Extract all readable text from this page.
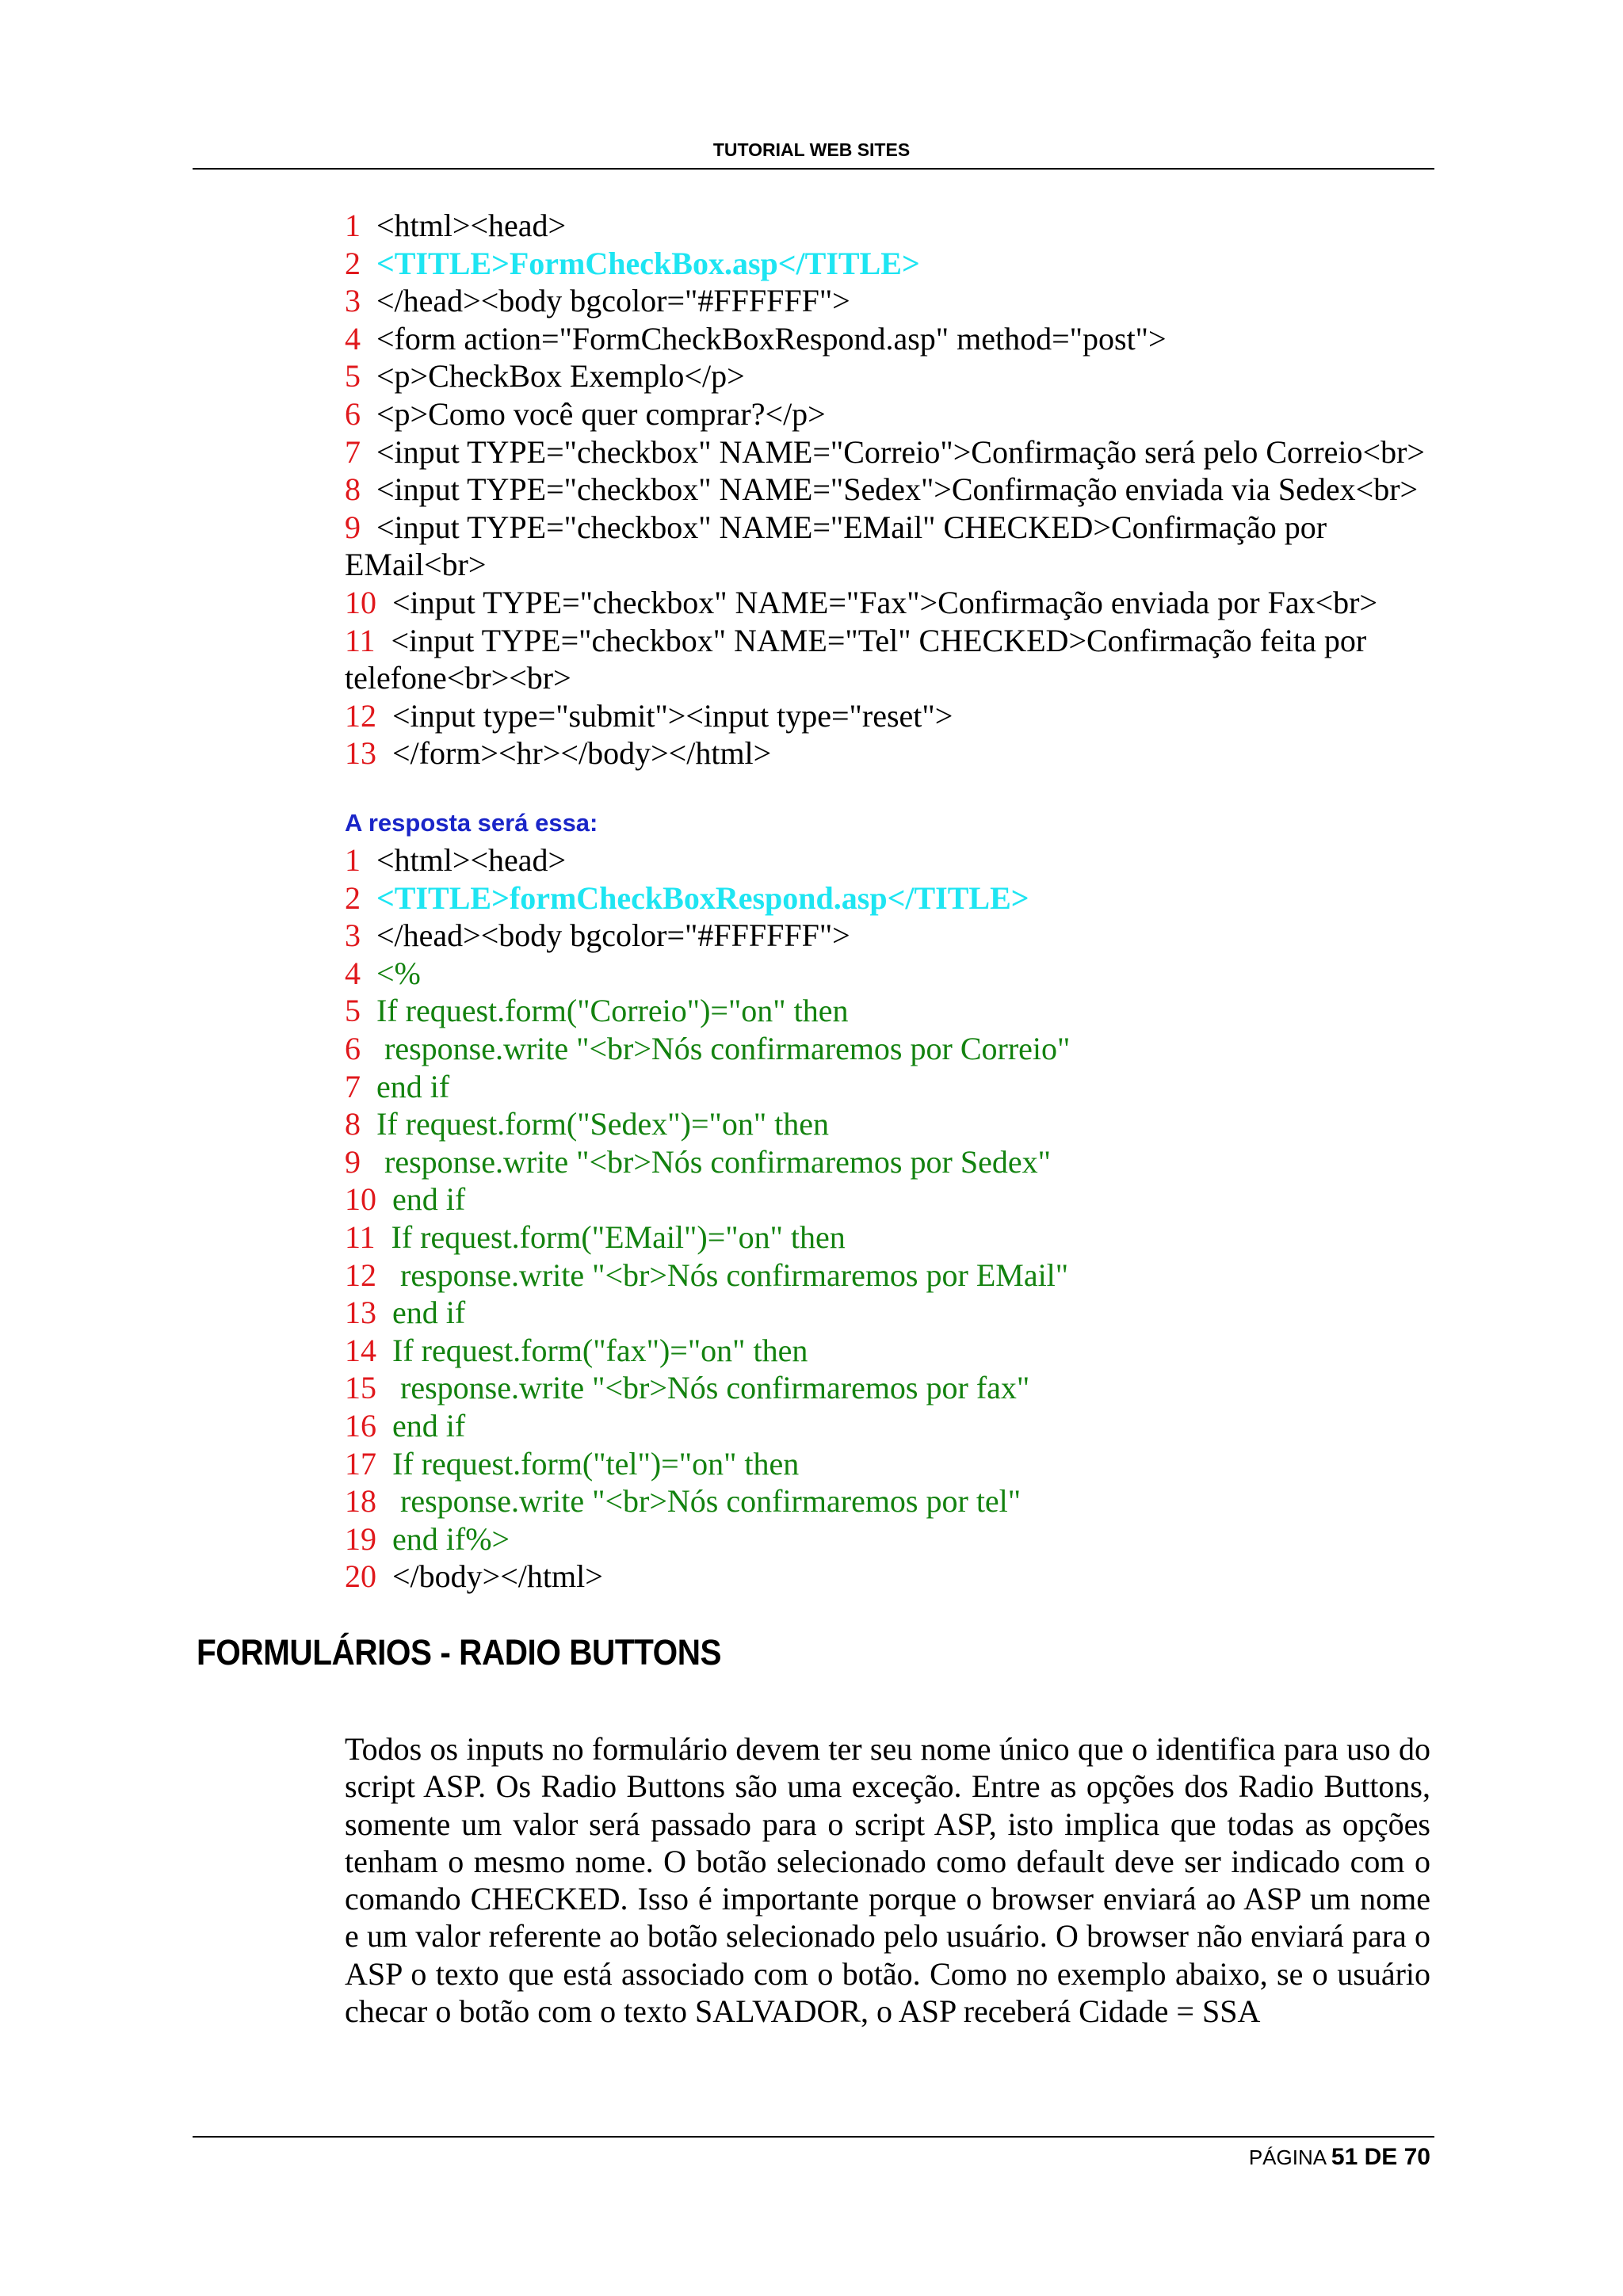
TUTORIAL WEB SITES
1 <html><head>
2 <TITLE>FormCheckBox.asp</TITLE>
3 </head><body bgcolor="#FFFFFF">
4 <form action="FormCheckBoxRespond.asp" method="post">
5 <p>CheckBox Exemplo</p>
6 <p>Como você quer comprar?</p>
7 <input TYPE="checkbox" NAME="Correio">Confirmação será pelo Correio<br>
8 <input TYPE="checkbox" NAME="Sedex">Confirmação enviada via Sedex<br>
9 <input TYPE="checkbox" NAME="EMail" CHECKED>Confirmação por
EMail<br>
10 <input TYPE="checkbox" NAME="Fax">Confirmação enviada por Fax<br>
11 <input TYPE="checkbox" NAME="Tel" CHECKED>Confirmação feita por
telefone<br><br>
12 <input type="submit"><input type="reset">
13 </form><hr></body></html>
A resposta será essa:
1 <html><head>
2 <TITLE>formCheckBoxRespond.asp</TITLE>
3 </head><body bgcolor="#FFFFFF">
4 <%
5 If request.form("Correio")="on" then
6   response.write "<br>Nós confirmaremos por Correio"
7 end if
8 If request.form("Sedex")="on" then
9   response.write "<br>Nós confirmaremos por Sedex"
10 end if
11 If request.form("EMail")="on" then
12   response.write "<br>Nós confirmaremos por EMail"
13 end if
14 If request.form("fax")="on" then
15   response.write "<br>Nós confirmaremos por fax"
16 end if
17 If request.form("tel")="on" then
18   response.write "<br>Nós confirmaremos por tel"
19 end if%>
20 </body></html>
FORMULÁRIOS - RADIO BUTTONS
Todos os inputs no formulário devem ter seu nome único que o identifica para uso do script ASP. Os Radio Buttons são uma exceção. Entre as opções dos Radio Buttons, somente um valor será passado para o script ASP, isto implica que todas as opções tenham o mesmo nome. O botão selecionado como default deve ser indicado com o comando CHECKED. Isso é importante porque o browser enviará ao ASP um nome e um valor referente ao botão selecionado pelo usuário. O browser não enviará para o ASP o texto que está associado com o botão. Como no exemplo abaixo, se o usuário checar o botão com o texto SALVADOR, o ASP receberá Cidade = SSA
PÁGINA 51 DE 70
